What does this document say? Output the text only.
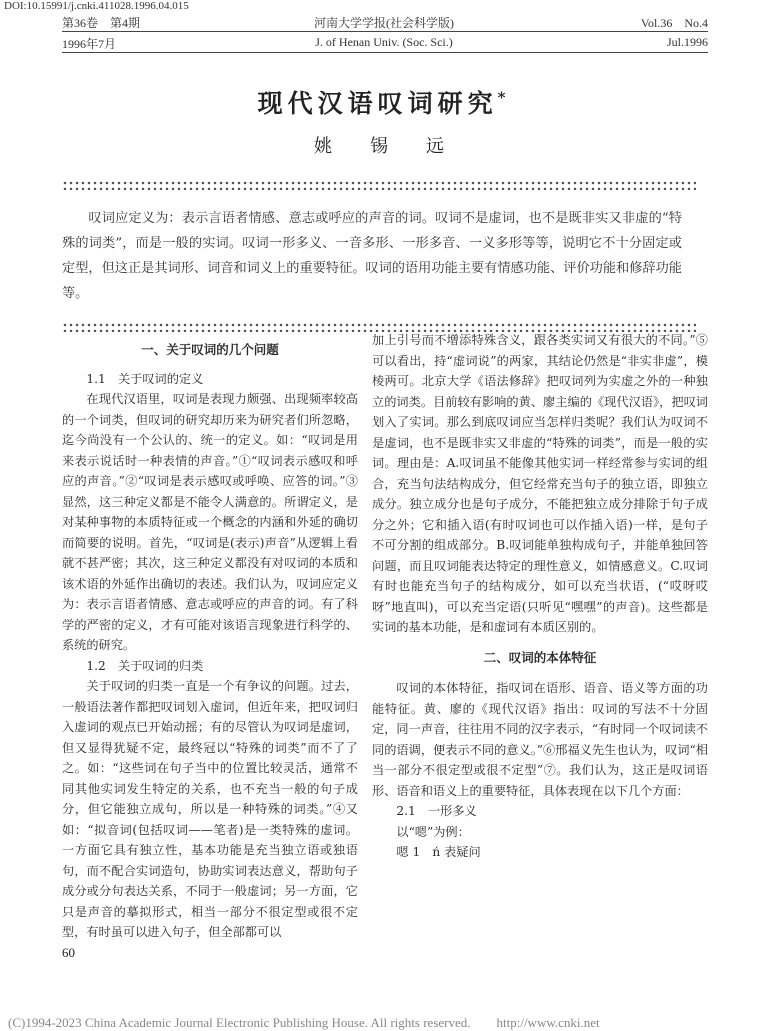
DOI:10.15991/j.cnki.411028.1996.04.015
第36卷　第4期	河南大学学报(社会科学版)	Vol.36　No.4
1996年7月	J. of Henan Univ. (Soc. Sci.)	Jul.1996
现代汉语叹词研究*
姚　锡　远
叹词应定义为：表示言语者情感、意志或呼应的声音的词。叹词不是虚词，也不是既非实又非虚的“特殊的词类”，而是一般的实词。叹词一形多义、一音多形、一形多音、一义多形等等，说明它不十分固定或定型，但这正是其词形、词音和词义上的重要特征。叹词的语用功能主要有情感功能、评价功能和修辞功能等。

一、关于叹词的几个问题

1.1　关于叹词的定义

在现代汉语里，叹词是表现力颇强、出现频率较高的一个词类，但叹词的研究却历来为研究者们所忽略，迄今尚没有一个公认的、统一的定义。如：“叹词是用来表示说话时一种表情的声音。”①“叹词表示感叹和呼应的声音。”②“叹词是表示感叹或呼唤、应答的词。”③显然，这三种定义都是不能令人满意的。所谓定义，是对某种事物的本质特征或一个概念的内涵和外延的确切而简要的说明。首先，“叹词是(表示)声音”从逻辑上看就不甚严密；其次，这三种定义都没有对叹词的本质和该术语的外延作出确切的表述。我们认为，叹词应定义为：表示言语者情感、意志或呼应的声音的词。有了科学的严密的定义，才有可能对该语言现象进行科学的、系统的研究。

1.2　关于叹词的归类

关于叹词的归类一直是一个有争议的问题。过去，一般语法著作都把叹词划入虚词，但近年来，把叹词归入虚词的观点已开始动摇；有的尽管认为叹词是虚词，但又显得犹疑不定，最终冠以“特殊的词类”而不了了之。如：“这些词在句子当中的位置比较灵活，通常不同其他实词发生特定的关系，也不充当一般的句子成分，但它能独立成句，所以是一种特殊的词类。”④又如：“拟音词(包括叹词——笔者)是一类特殊的虚词。一方面它具有独立性，基本功能是充当独立语或独语句，而不配合实词造句，协助实词表达意义，帮助句子成分或分句表达关系，不同于一般虚词；另一方面，它只是声音的摹拟形式，相当一部分不很定型或很不定型，有时虽可以进入句子，但全部都可以

加上引号而不增添特殊含义，跟各类实词又有很大的不同。”⑤可以看出，持“虚词说”的两家，其结论仍然是“非实非虚”，模棱两可。北京大学《语法修辞》把叹词列为实虚之外的一种独立的词类。目前较有影响的黄、廖主编的《现代汉语》，把叹词划入了实词。那么到底叹词应当怎样归类呢？我们认为叹词不是虚词，也不是既非实又非虚的“特殊的词类”，而是一般的实词。理由是：A.叹词虽不能像其他实词一样经常参与实词的组合，充当句法结构成分，但它经常充当句子的独立语，即独立成分。独立成分也是句子成分，不能把独立成分排除于句子成分之外；它和插入语(有时叹词也可以作插入语)一样，是句子不可分割的组成部分。B.叹词能单独构成句子，并能单独回答问题，而且叹词能表达特定的理性意义，如情感意义。C.叹词有时也能充当句子的结构成分，如可以充当状语，(“哎呀哎呀”地直叫)，可以充当定语(只听见“嘿嘿”的声音)。这些都是实词的基本功能，是和虚词有本质区别的。

二、叹词的本体特征

叹词的本体特征，指叹词在语形、语音、语义等方面的功能特征。黄、廖的《现代汉语》指出：叹词的写法不十分固定，同一声音，往往用不同的汉字表示，“有时同一个叹词读不同的语调，便表示不同的意义。”⑥邢福义先生也认为，叹词“相当一部分不很定型或很不定型”⑦。我们认为，这正是叹词语形、语音和语义上的重要特征，具体表现在以下几个方面：

2.1　一形多义

以“嗯”为例：

嗯 1　ń 表疑问

60
(C)1994-2023 China Academic Journal Electronic Publishing House. All rights reserved.　　http://www.cnki.net
